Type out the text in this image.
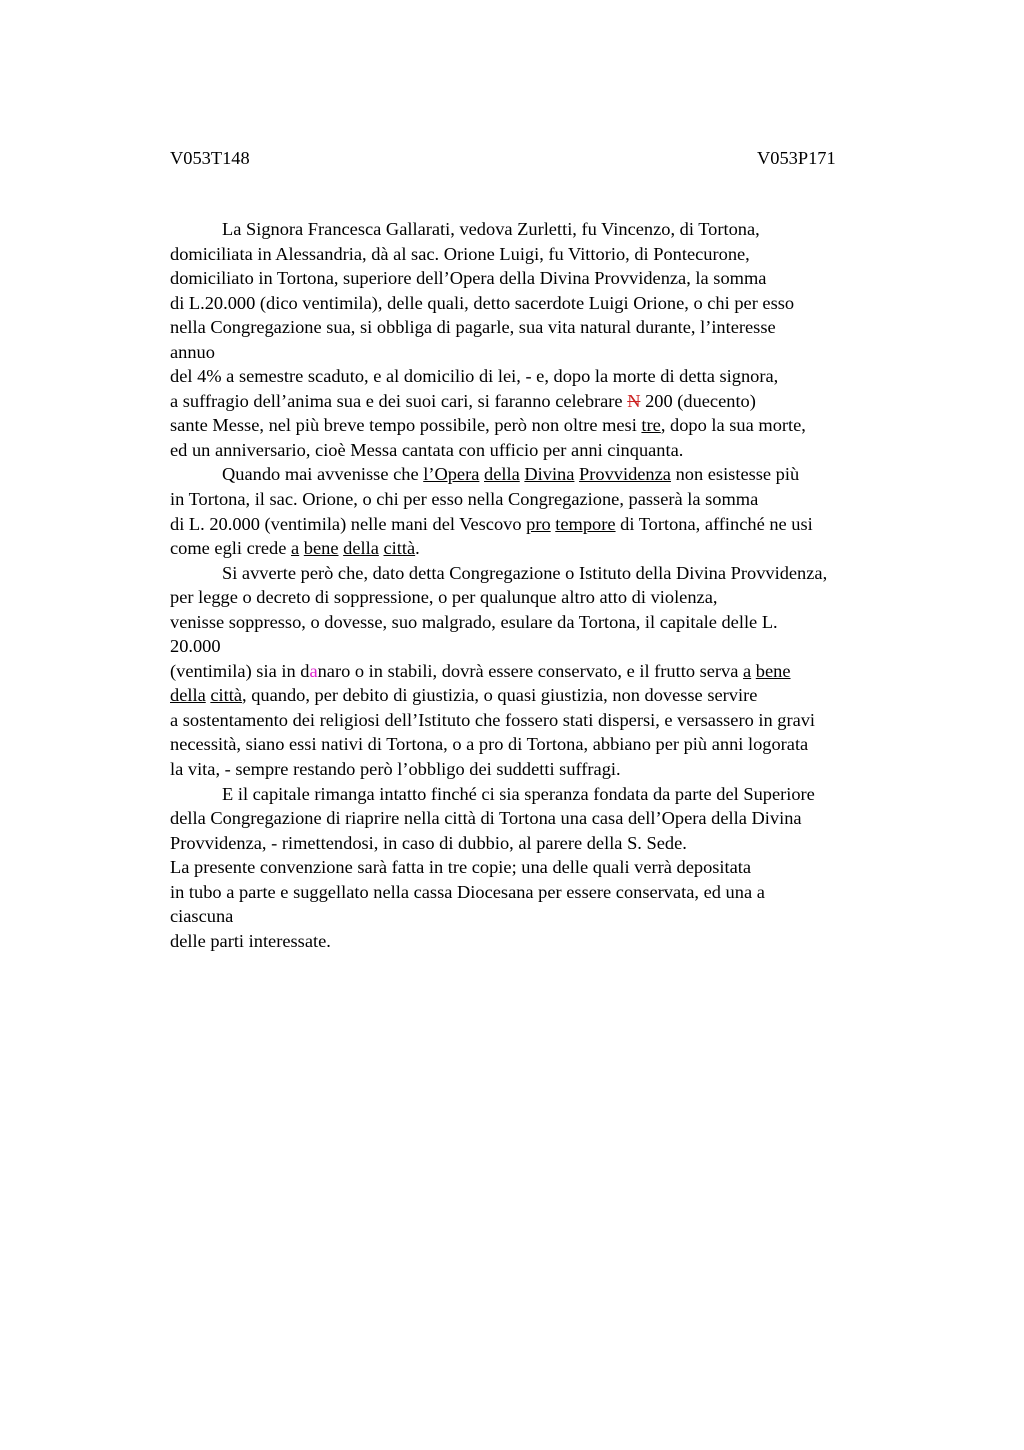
V053T148	V053P171
La Signora Francesca Gallarati, vedova Zurletti, fu Vincenzo, di Tortona,
domiciliata in Alessandria, dà al sac. Orione Luigi, fu Vittorio, di Pontecurone,
domiciliato in Tortona, superiore dell’Opera della Divina Provvidenza, la somma
di L.20.000 (dico ventimila), delle quali, detto sacerdote Luigi Orione, o chi per esso
nella Congregazione sua, si obbliga di pagarle, sua vita natural durante, l’interesse
annuo
del 4% a semestre scaduto, e al domicilio di lei, - e, dopo la morte di detta signora,
a suffragio dell’anima sua e dei suoi cari, si faranno celebrare N 200 (duecento)
sante Messe, nel più breve tempo possibile, però non oltre mesi tre, dopo la sua morte,
ed un anniversario, cioè Messa cantata con ufficio per anni cinquanta.
Quando mai avvenisse che l’Opera della Divina Provvidenza non esistesse più
in Tortona, il sac. Orione, o chi per esso nella Congregazione, passerà la somma
di L. 20.000 (ventimila) nelle mani del Vescovo pro tempore di Tortona, affinché ne usi
come egli crede a bene della città.
Si avverte però che, dato detta Congregazione o Istituto della Divina Provvidenza,
per legge o decreto di soppressione, o per qualunque altro atto di violenza,
venisse soppresso, o dovesse, suo malgrado, esulare da Tortona, il capitale delle L.
20.000
(ventimila) sia in danaro o in stabili, dovrà essere conservato, e il frutto serva a bene
della città, quando, per debito di giustizia, o quasi giustizia, non dovesse servire
a sostentamento dei religiosi dell’Istituto che fossero stati dispersi, e versassero in gravi
necessità, siano essi nativi di Tortona, o a pro di Tortona, abbiano per più anni logorata
la vita, - sempre restando però l’obbligo dei suddetti suffragi.
E il capitale rimanga intatto finché ci sia speranza fondata da parte del Superiore
della Congregazione di riaprire nella città di Tortona una casa dell’Opera della Divina
Provvidenza, - rimettendosi, in caso di dubbio, al parere della S. Sede.
La presente convenzione sarà fatta in tre copie; una delle quali verrà depositata
in tubo a parte e suggellato nella cassa Diocesana per essere conservata, ed una a
ciascuna
delle parti interessate.
